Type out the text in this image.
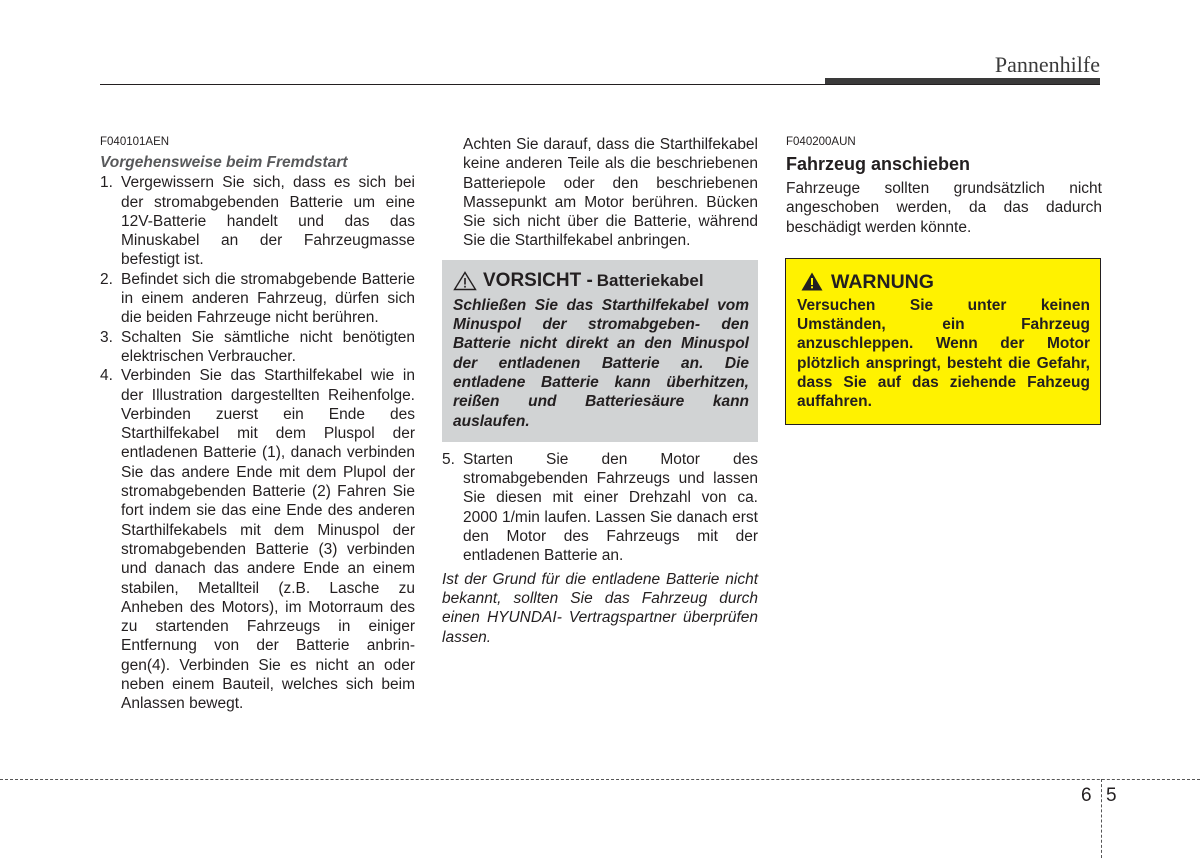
Pannenhilfe
F040101AEN
Vorgehensweise beim Fremdstart
1. Vergewissern Sie sich, dass es sich bei der stromabgebenden Batterie um eine 12V-Batterie handelt und das das Minuskabel an der Fahrzeugmasse befestigt ist.
2. Befindet sich die stromabgebende Batterie in einem anderen Fahrzeug, dürfen sich die beiden Fahrzeuge nicht berühren.
3. Schalten Sie sämtliche nicht benötigten elektrischen Verbraucher.
4. Verbinden Sie das Starthilfekabel wie in der Illustration dargestellten Reihenfolge. Verbinden zuerst ein Ende des Starthilfekabel mit dem Pluspol der entladenen Batterie (1), danach verbinden Sie das andere Ende mit dem Plupol der stromabgebenden Batterie (2) Fahren Sie fort indem sie das eine Ende des anderen Starthilfekabels mit dem Minuspol der stromabgebenden Batterie (3) verbinden und danach das andere Ende an einem stabilen, Metallteil (z.B. Lasche zu Anheben des Motors), im Motorraum des zu startenden Fahrzeugs in einiger Entfernung von der Batterie anbrin- gen(4). Verbinden Sie es nicht an oder neben einem Bauteil, welches sich beim Anlassen bewegt.
Achten Sie darauf, dass die Starthilfekabel keine anderen Teile als die beschriebenen Batteriepole oder den beschriebenen Massepunkt am Motor berühren. Bücken Sie sich nicht über die Batterie, während Sie die Starthilfekabel anbringen.
VORSICHT - Batteriekabel
Schließen Sie das Starthilfekabel vom Minuspol der stromabgeben- den Batterie nicht direkt an den Minuspol der entladenen Batterie an. Die entladene Batterie kann überhitzen, reißen und Batteriesäure kann auslaufen.
5. Starten Sie den Motor des stromabgebenden Fahrzeugs und lassen Sie diesen mit einer Drehzahl von ca. 2000 1/min laufen. Lassen Sie danach erst den Motor des Fahrzeugs mit der entladenen Batterie an.
Ist der Grund für die entladene Batterie nicht bekannt, sollten Sie das Fahrzeug durch einen HYUNDAI- Vertragspartner überprüfen lassen.
F040200AUN
Fahrzeug anschieben
Fahrzeuge sollten grundsätzlich nicht angeschoben werden, da das dadurch beschädigt werden könnte.
WARNUNG
Versuchen Sie unter keinen Umständen, ein Fahrzeug anzuschleppen. Wenn der Motor plötzlich anspringt, besteht die Gefahr, dass Sie auf das ziehende Fahzeug auffahren.
6 5
